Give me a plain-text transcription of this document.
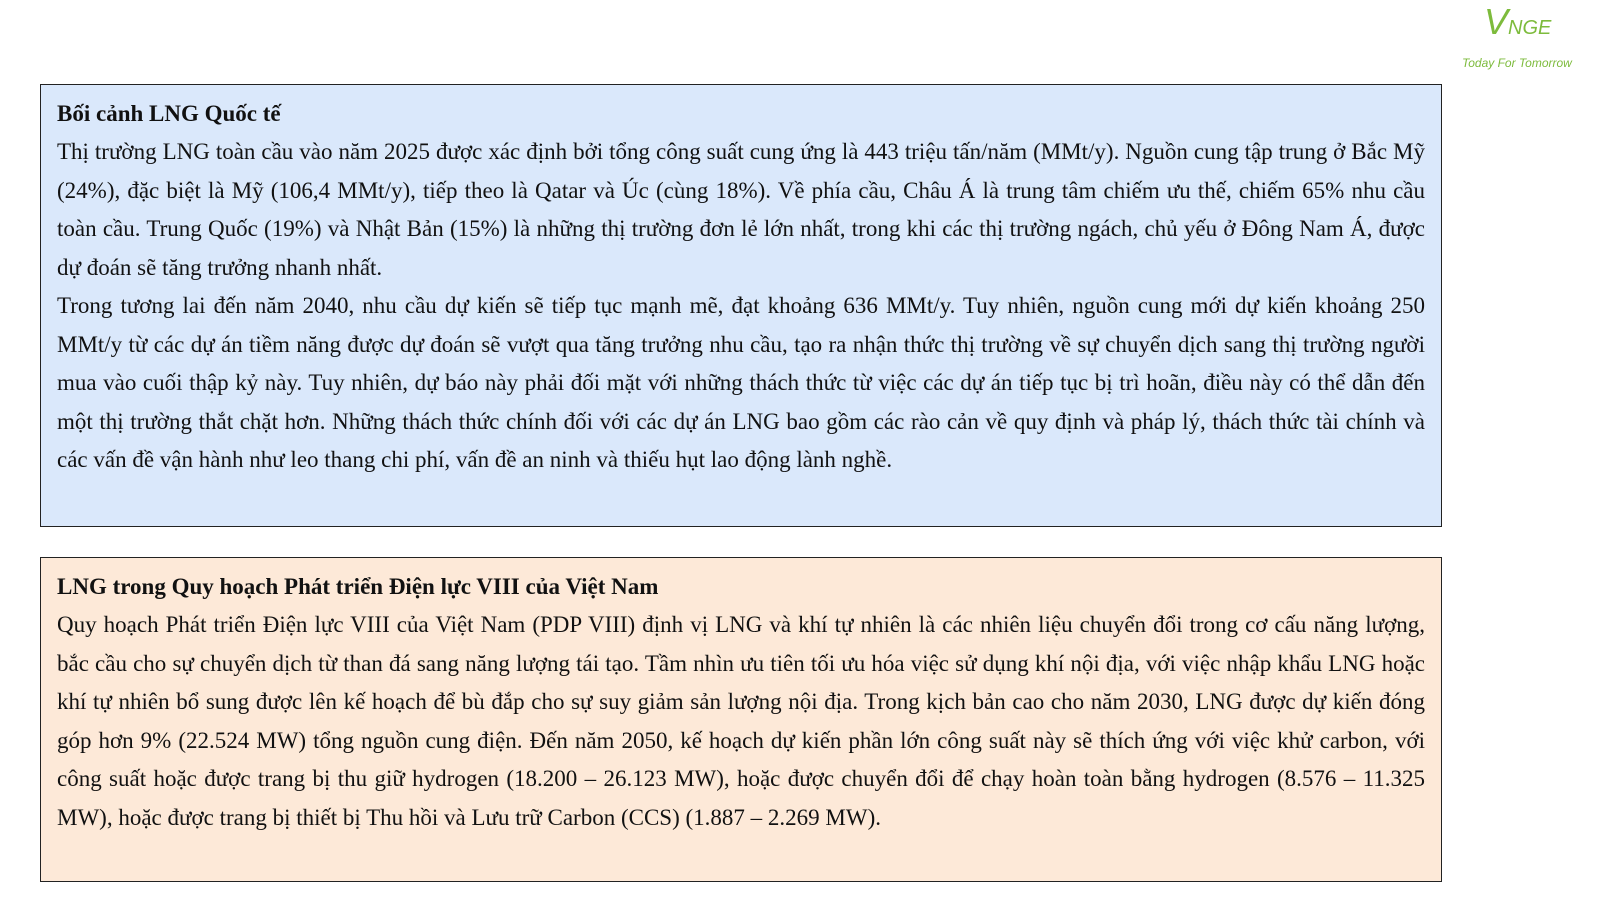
VNGE
Today For Tomorrow

Bối cảnh LNG Quốc tế

Thị trường LNG toàn cầu vào năm 2025 được xác định bởi tổng công suất cung ứng là 443 triệu tấn/năm (MMt/y). Nguồn cung tập trung ở Bắc Mỹ (24%), đặc biệt là Mỹ (106,4 MMt/y), tiếp theo là Qatar và Úc (cùng 18%). Về phía cầu, Châu Á là trung tâm chiếm ưu thế, chiếm 65% nhu cầu toàn cầu. Trung Quốc (19%) và Nhật Bản (15%) là những thị trường đơn lẻ lớn nhất, trong khi các thị trường ngách, chủ yếu ở Đông Nam Á, được dự đoán sẽ tăng trưởng nhanh nhất.

Trong tương lai đến năm 2040, nhu cầu dự kiến sẽ tiếp tục mạnh mẽ, đạt khoảng 636 MMt/y. Tuy nhiên, nguồn cung mới dự kiến khoảng 250 MMt/y từ các dự án tiềm năng được dự đoán sẽ vượt qua tăng trưởng nhu cầu, tạo ra nhận thức thị trường về sự chuyển dịch sang thị trường người mua vào cuối thập kỷ này. Tuy nhiên, dự báo này phải đối mặt với những thách thức từ việc các dự án tiếp tục bị trì hoãn, điều này có thể dẫn đến một thị trường thắt chặt hơn. Những thách thức chính đối với các dự án LNG bao gồm các rào cản về quy định và pháp lý, thách thức tài chính và các vấn đề vận hành như leo thang chi phí, vấn đề an ninh và thiếu hụt lao động lành nghề.

LNG trong Quy hoạch Phát triển Điện lực VIII của Việt Nam

Quy hoạch Phát triển Điện lực VIII của Việt Nam (PDP VIII) định vị LNG và khí tự nhiên là các nhiên liệu chuyển đổi trong cơ cấu năng lượng, bắc cầu cho sự chuyển dịch từ than đá sang năng lượng tái tạo. Tầm nhìn ưu tiên tối ưu hóa việc sử dụng khí nội địa, với việc nhập khẩu LNG hoặc khí tự nhiên bổ sung được lên kế hoạch để bù đắp cho sự suy giảm sản lượng nội địa. Trong kịch bản cao cho năm 2030, LNG được dự kiến đóng góp hơn 9% (22.524 MW) tổng nguồn cung điện. Đến năm 2050, kế hoạch dự kiến phần lớn công suất này sẽ thích ứng với việc khử carbon, với công suất hoặc được trang bị thu giữ hydrogen (18.200 – 26.123 MW), hoặc được chuyển đổi để chạy hoàn toàn bằng hydrogen (8.576 – 11.325 MW), hoặc được trang bị thiết bị Thu hồi và Lưu trữ Carbon (CCS) (1.887 – 2.269 MW).
